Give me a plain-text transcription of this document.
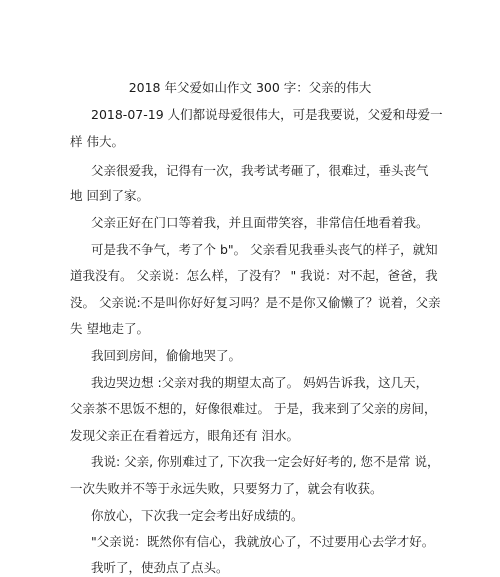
2018 年父爱如山作文 300 字：父亲的伟大
2018-07-19 人们都说母爱很伟大，可是我要说，父爱和母爱一
样 伟大。
父亲很爱我，记得有一次，我考试考砸了，很难过，垂头丧气
地 回到了家。
父亲正好在门口等着我，并且面带笑容，非常信任地看着我。
可是我不争气，考了个 b"。 父亲看见我垂头丧气的样子，就知
道我没有。 父亲说：怎么样，了没有？ " 我说：对不起，爸爸，我
没。 父亲说:不是叫你好好复习吗？是不是你又偷懒了？说着，父亲
失 望地走了。
我回到房间，偷偷地哭了。
我边哭边想 :父亲对我的期望太高了。 妈妈告诉我，这几天，
父亲茶不思饭不想的，好像很难过。 于是，我来到了父亲的房间，
发现父亲正在看着远方，眼角还有 泪水。
我说: 父亲, 你别难过了, 下次我一定会好好考的, 您不是常 说，
一次失败并不等于永远失败，只要努力了，就会有收获。
你放心，下次我一定会考出好成绩的。
"父亲说：既然你有信心，我就放心了，不过要用心去学才好。
我听了，使劲点了点头。
